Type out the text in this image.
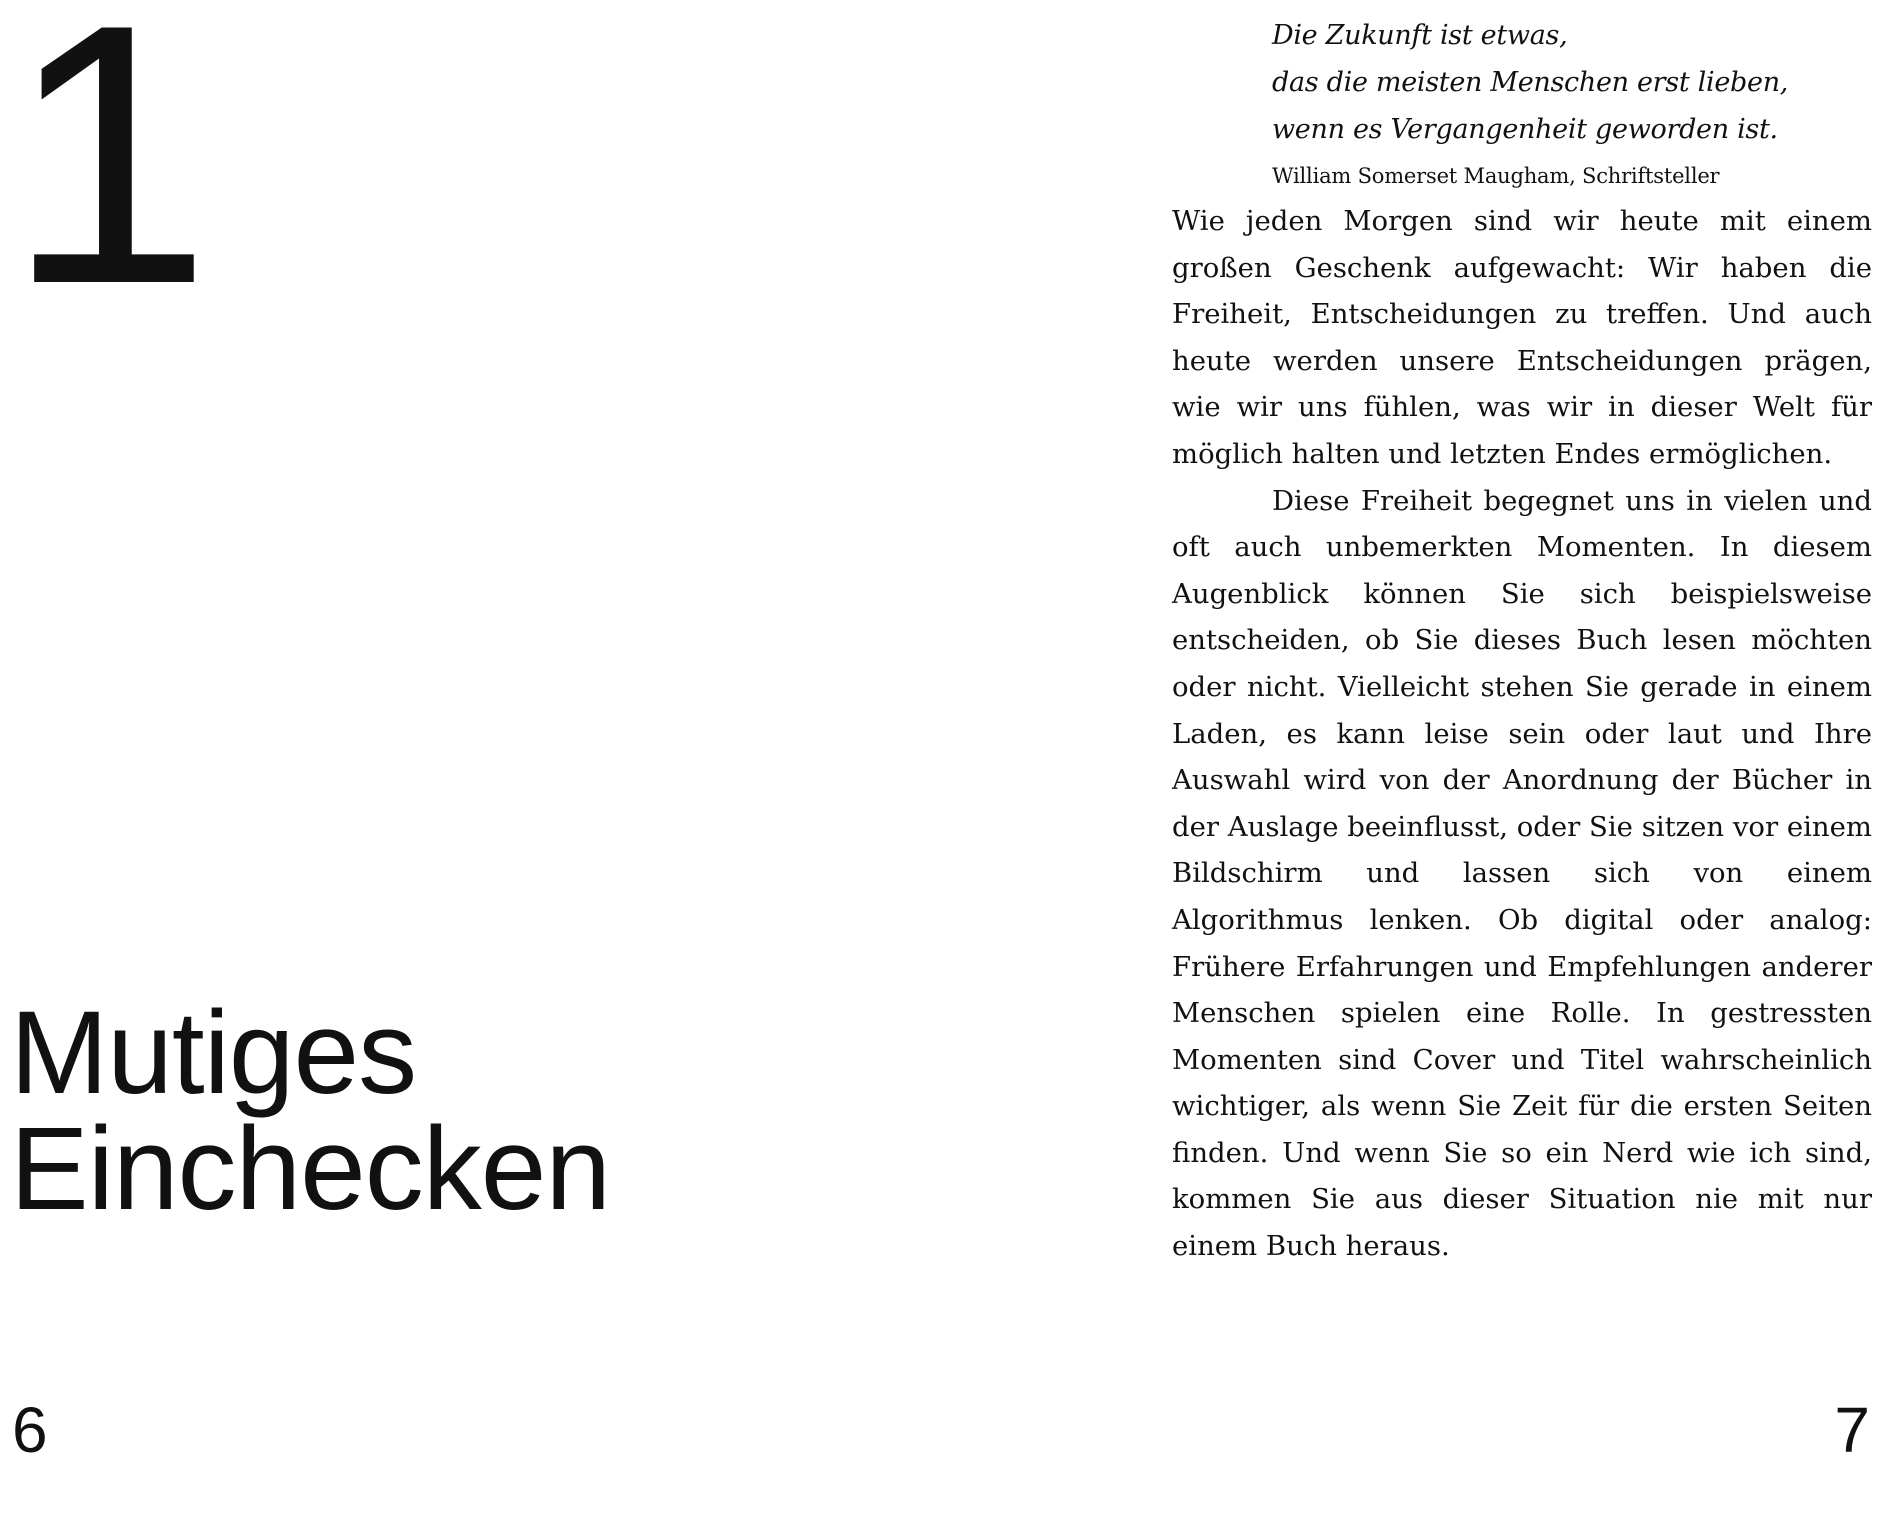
1
Mutiges
Einchecken
6
Die Zukunft ist etwas,
das die meisten Menschen erst lieben,
wenn es Vergangenheit geworden ist.
William Somerset Maugham, Schriftsteller

Wie jeden Morgen sind wir heute mit einem großen Geschenk aufgewacht: Wir haben die Freiheit, Entscheidungen zu treffen. Und auch heute werden unsere Entscheidungen prägen, wie wir uns fühlen, was wir in dieser Welt für möglich halten und letzten Endes ermöglichen.

Diese Freiheit begegnet uns in vielen und oft auch unbemerkten Momenten. In diesem Augenblick können Sie sich beispielsweise entscheiden, ob Sie dieses Buch lesen möchten oder nicht. Vielleicht stehen Sie gerade in einem Laden, es kann leise sein oder laut und Ihre Auswahl wird von der Anordnung der Bücher in der Auslage beeinflusst, oder Sie sitzen vor einem Bildschirm und lassen sich von einem Algorithmus lenken. Ob digital oder analog: Frühere Erfahrungen und Empfehlungen anderer Menschen spielen eine Rolle. In gestressten Momenten sind Cover und Titel wahrscheinlich wichtiger, als wenn Sie Zeit für die ersten Seiten finden. Und wenn Sie so ein Nerd wie ich sind, kommen Sie aus dieser Situation nie mit nur einem Buch heraus.

7
